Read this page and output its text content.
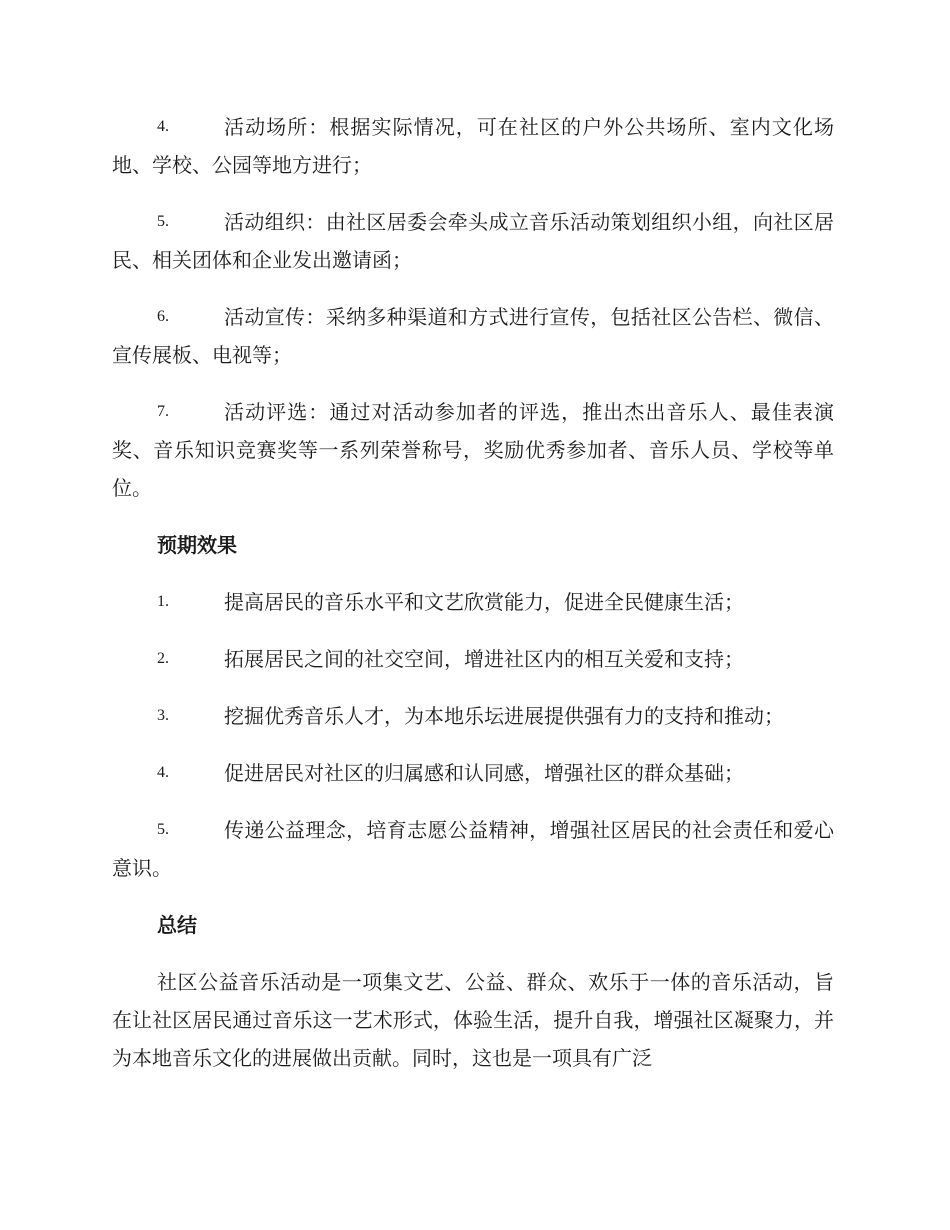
4.	活动场所：根据实际情况，可在社区的户外公共场所、室内文化场地、学校、公园等地方进行；
5.	活动组织：由社区居委会牵头成立音乐活动策划组织小组，向社区居民、相关团体和企业发出邀请函；
6.	活动宣传：采纳多种渠道和方式进行宣传，包括社区公告栏、微信、宣传展板、电视等；
7.	活动评选：通过对活动参加者的评选，推出杰出音乐人、最佳表演奖、音乐知识竞赛奖等一系列荣誉称号，奖励优秀参加者、音乐人员、学校等单位。
预期效果
1.	提高居民的音乐水平和文艺欣赏能力，促进全民健康生活；
2.	拓展居民之间的社交空间，增进社区内的相互关爱和支持；
3.	挖掘优秀音乐人才，为本地乐坛进展提供强有力的支持和推动；
4.	促进居民对社区的归属感和认同感，增强社区的群众基础；
5.	传递公益理念，培育志愿公益精神，增强社区居民的社会责任和爱心意识。
总结
社区公益音乐活动是一项集文艺、公益、群众、欢乐于一体的音乐活动，旨在让社区居民通过音乐这一艺术形式，体验生活，提升自我，增强社区凝聚力，并为本地音乐文化的进展做出贡献。同时，这也是一项具有广泛
